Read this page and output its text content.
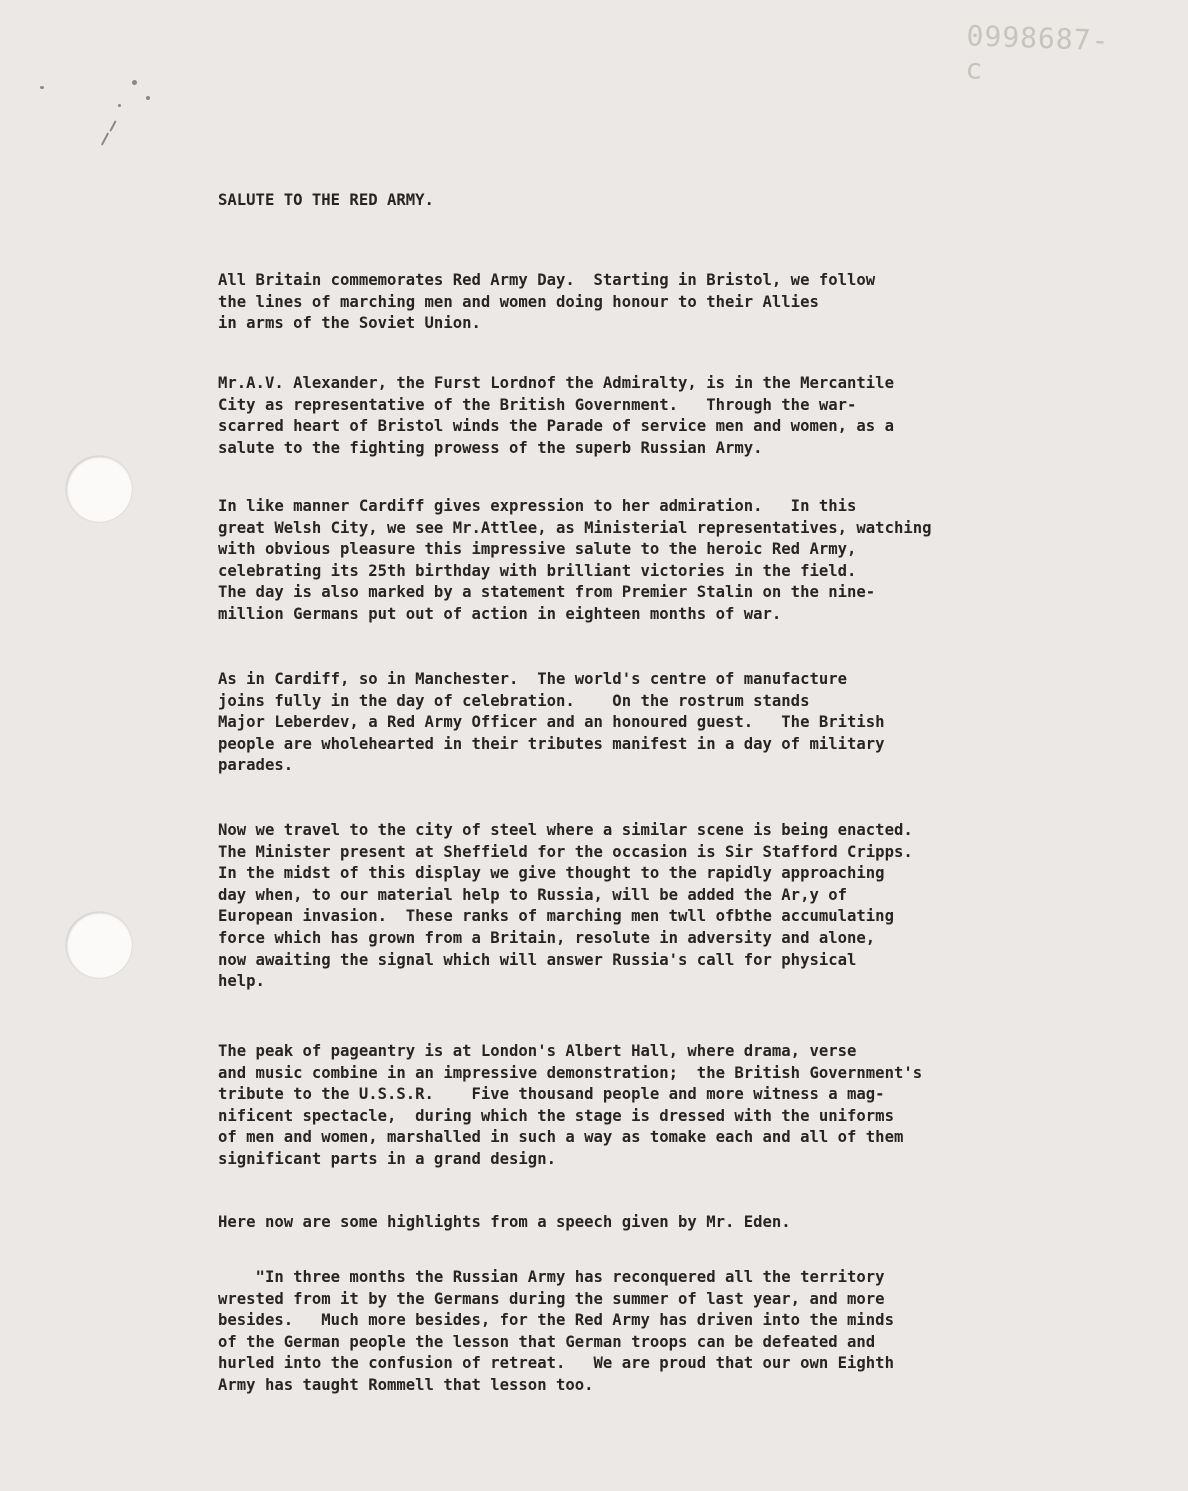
0998687-c
SALUTE TO THE RED ARMY.
All Britain commemorates Red Army Day.  Starting in Bristol, we follow
the lines of marching men and women doing honour to their Allies
in arms of the Soviet Union.
Mr.A.V. Alexander, the Furst Lordnof the Admiralty, is in the Mercantile
City as representative of the British Government.   Through the war-
scarred heart of Bristol winds the Parade of service men and women, as a
salute to the fighting prowess of the superb Russian Army.
In like manner Cardiff gives expression to her admiration.   In this
great Welsh City, we see Mr.Attlee, as Ministerial representatives, watching
with obvious pleasure this impressive salute to the heroic Red Army,
celebrating its 25th birthday with brilliant victories in the field.
The day is also marked by a statement from Premier Stalin on the nine-
million Germans put out of action in eighteen months of war.
As in Cardiff, so in Manchester.  The world's centre of manufacture
joins fully in the day of celebration.    On the rostrum stands
Major Leberdev, a Red Army Officer and an honoured guest.   The British
people are wholehearted in their tributes manifest in a day of military
parades.
Now we travel to the city of steel where a similar scene is being enacted.
The Minister present at Sheffield for the occasion is Sir Stafford Cripps.
In the midst of this display we give thought to the rapidly approaching
day when, to our material help to Russia, will be added the Ar,y of
European invasion.  These ranks of marching men twll ofbthe accumulating
force which has grown from a Britain, resolute in adversity and alone,
now awaiting the signal which will answer Russia's call for physical
help.
The peak of pageantry is at London's Albert Hall, where drama, verse
and music combine in an impressive demonstration;  the British Government's
tribute to the U.S.S.R.    Five thousand people and more witness a mag-
nificent spectacle,  during which the stage is dressed with the uniforms
of men and women, marshalled in such a way as tomake each and all of them
significant parts in a grand design.
Here now are some highlights from a speech given by Mr. Eden.
"In three months the Russian Army has reconquered all the territory
wrested from it by the Germans during the summer of last year, and more
besides.   Much more besides, for the Red Army has driven into the minds
of the German people the lesson that German troops can be defeated and
hurled into the confusion of retreat.   We are proud that our own Eighth
Army has taught Rommell that lesson too.
